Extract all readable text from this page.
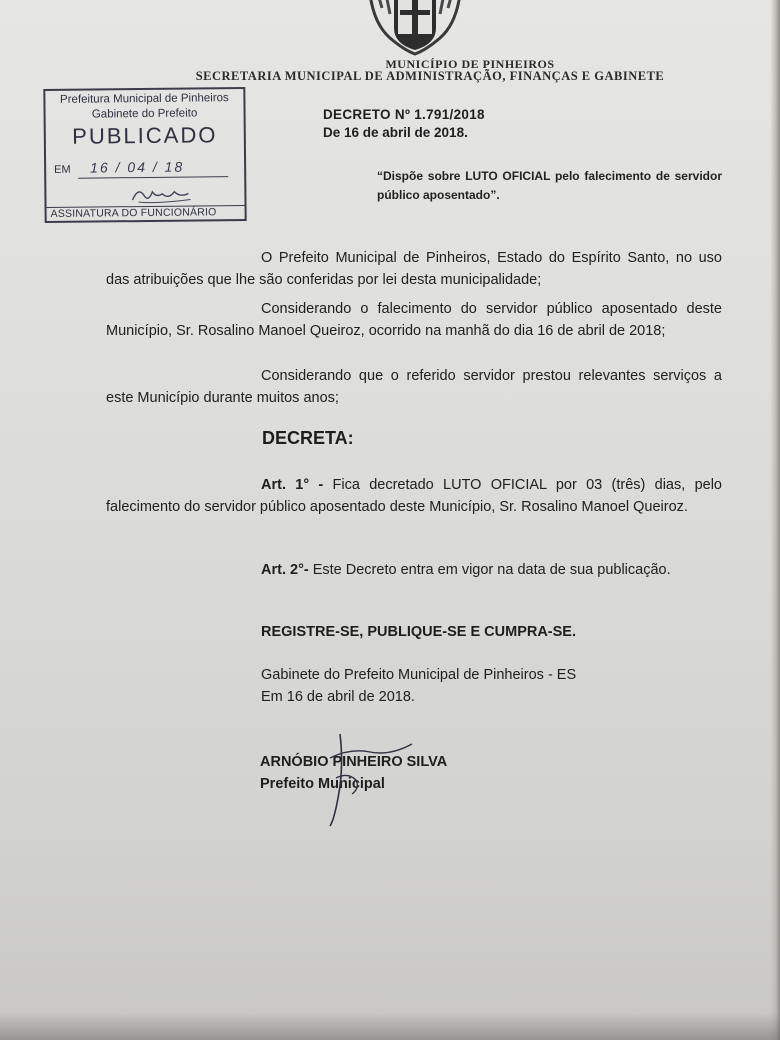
MUNICÍPIO DE PINHEIROS
SECRETARIA MUNICIPAL DE ADMINISTRAÇÃO, FINANÇAS E GABINETE
Prefeitura Municipal de Pinheiros
Gabinete do Prefeito
PUBLICADO
EM 16 / 04 / 18
ASSINATURA DO FUNCIONÁRIO
DECRETO Nº 1.791/2018
De 16 de abril de 2018.
“Dispõe sobre LUTO OFICIAL pelo falecimento de servidor público aposentado”.
O Prefeito Municipal de Pinheiros, Estado do Espírito Santo, no uso das atribuições que lhe são conferidas por lei desta municipalidade;
Considerando o falecimento do servidor público aposentado deste Município, Sr. Rosalino Manoel Queiroz, ocorrido na manhã do dia 16 de abril de 2018;
Considerando que o referido servidor prestou relevantes serviços a este Município durante muitos anos;
DECRETA:
Art. 1° - Fica decretado LUTO OFICIAL por 03 (três) dias, pelo falecimento do servidor público aposentado deste Município, Sr. Rosalino Manoel Queiroz.
Art. 2°- Este Decreto entra em vigor na data de sua publicação.
REGISTRE-SE, PUBLIQUE-SE E CUMPRA-SE.
Gabinete do Prefeito Municipal de Pinheiros - ES
Em 16 de abril de 2018.
ARNÓBIO PINHEIRO SILVA
Prefeito Municipal
